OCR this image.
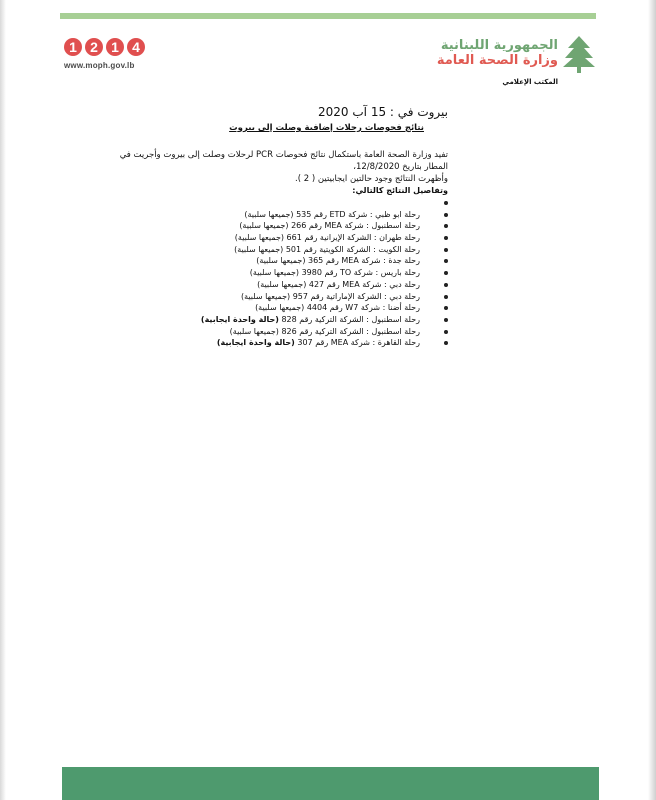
1 2 1 4
www.moph.gov.lb
الجمهورية اللبنانية
وزارة الصحة العامة
المكتب الإعلامي
بيروت في : 15 آب 2020
نتائج فحوصات رحلات إضافية وصلت إلى بيروت
تفيد وزارة الصحة العامة باستكمال نتائج فحوصات PCR لرحلات وصلت إلى بيروت وأجريت في المطار بتاريخ 12/8/2020،
وأظهرت النتائج وجود حالتين ايجابيتين ( 2 ).
وتفاصيل النتائج كالتالي:
رحلة ابو ظبي : شركة ETD رقم 535 (جميعها سلبية)
رحلة اسطنبول : شركة MEA رقم 266 (جميعها سلبية)
رحلة طهران : الشركة الإيرانية رقم 661 (جميعها سلبية)
رحلة الكويت : الشركة الكويتية رقم 501 (جميعها سلبية)
رحلة جدة : شركة MEA رقم 365 (جميعها سلبية)
رحلة باريس : شركة TO رقم 3980 (جميعها سلبية)
رحلة دبي : شركة MEA رقم 427 (جميعها سلبية)
رحلة دبي : الشركة الإماراتية رقم 957 (جميعها سلبية)
رحلة أضنا : شركة W7 رقم 4404 (جميعها سلبية)
رحلة اسطنبول : الشركة التركية رقم 828 (حالة واحدة ايجابية)
رحلة اسطنبول : الشركة التركية رقم 826 (جميعها سلبية)
رحلة القاهرة : شركة MEA رقم 307 (حالة واحدة ايجابية)
